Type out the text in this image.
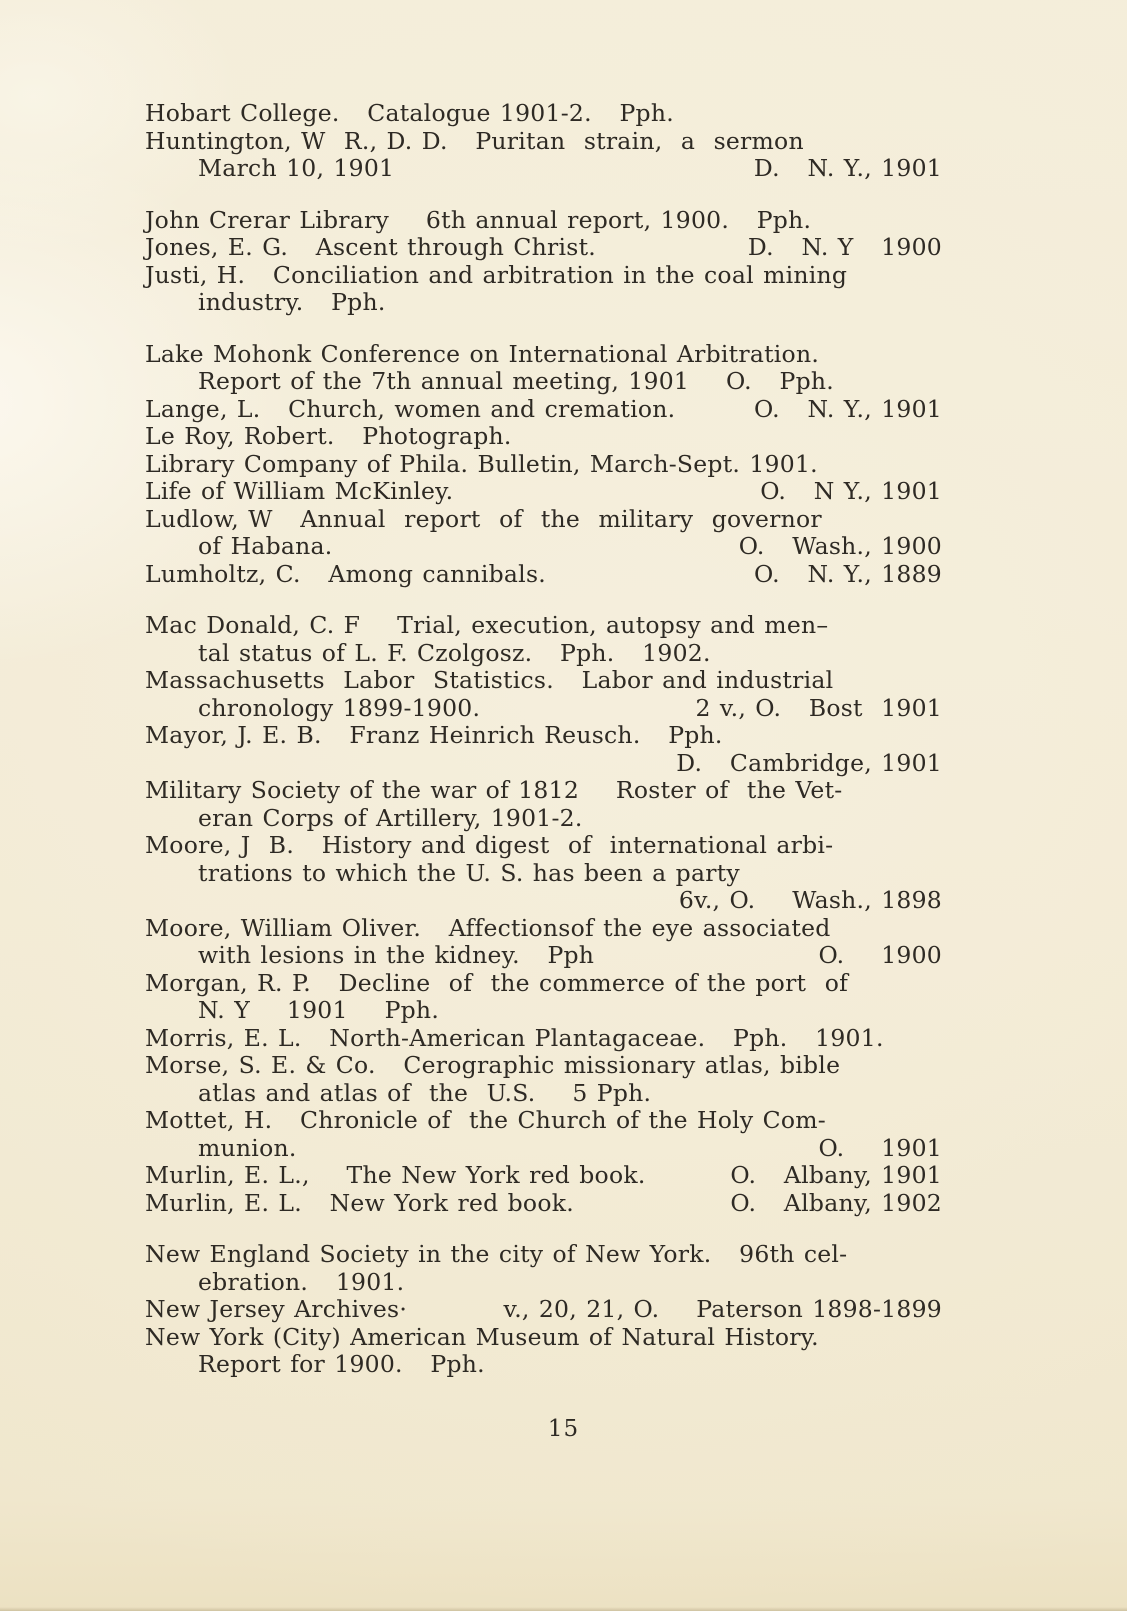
Hobart College.   Catalogue 1901-2.   Pph.
Huntington, W  R., D. D.   Puritan  strain,  a  sermon
March 10, 1901	D.   N. Y., 1901
John Crerar Library    6th annual report, 1900.   Pph.
Jones, E. G.   Ascent through Christ.	D.   N. Y   1900
Justi, H.   Conciliation and arbitration in the coal mining
industry.   Pph.
Lake Mohonk Conference on International Arbitration.
Report of the 7th annual meeting, 1901    O.   Pph.
Lange, L.   Church, women and cremation.	O.   N. Y., 1901
Le Roy, Robert.   Photograph.
Library Company of Phila. Bulletin, March-Sept. 1901.
Life of William McKinley.	O.   N Y., 1901
Ludlow, W   Annual  report  of  the  military  governor
of Habana.	O.   Wash., 1900
Lumholtz, C.   Among cannibals.	O.   N. Y., 1889
Mac Donald, C. F    Trial, execution, autopsy and men–
tal status of L. F. Czolgosz.   Pph.   1902.
Massachusetts  Labor  Statistics.   Labor and industrial
chronology 1899-1900.	2 v., O.   Bost  1901
Mayor, J. E. B.   Franz Heinrich Reusch.   Pph.
D.   Cambridge, 1901
Military Society of the war of 1812    Roster of  the Vet-
eran Corps of Artillery, 1901-2.
Moore, J  B.   History and digest  of  international arbi-
trations to which the U. S. has been a party
6v., O.    Wash., 1898
Moore, William Oliver.   Affectionsof the eye associated
with lesions in the kidney.   Pph	O.    1900
Morgan, R. P.   Decline  of  the commerce of the port  of
N. Y    1901    Pph.
Morris, E. L.   North-American Plantagaceae.   Pph.   1901.
Morse, S. E. & Co.   Cerographic missionary atlas, bible
atlas and atlas of  the  U.S.    5 Pph.
Mottet, H.   Chronicle of  the Church of the Holy Com-
munion.	O.    1901
Murlin, E. L.,    The New York red book.	O.   Albany, 1901
Murlin, E. L.   New York red book.	O.   Albany, 1902
New England Society in the city of New York.   96th cel-
ebration.   1901.
New Jersey Archives·	v., 20, 21, O.    Paterson 1898-1899
New York (City) American Museum of Natural History.
Report for 1900.   Pph.
15
